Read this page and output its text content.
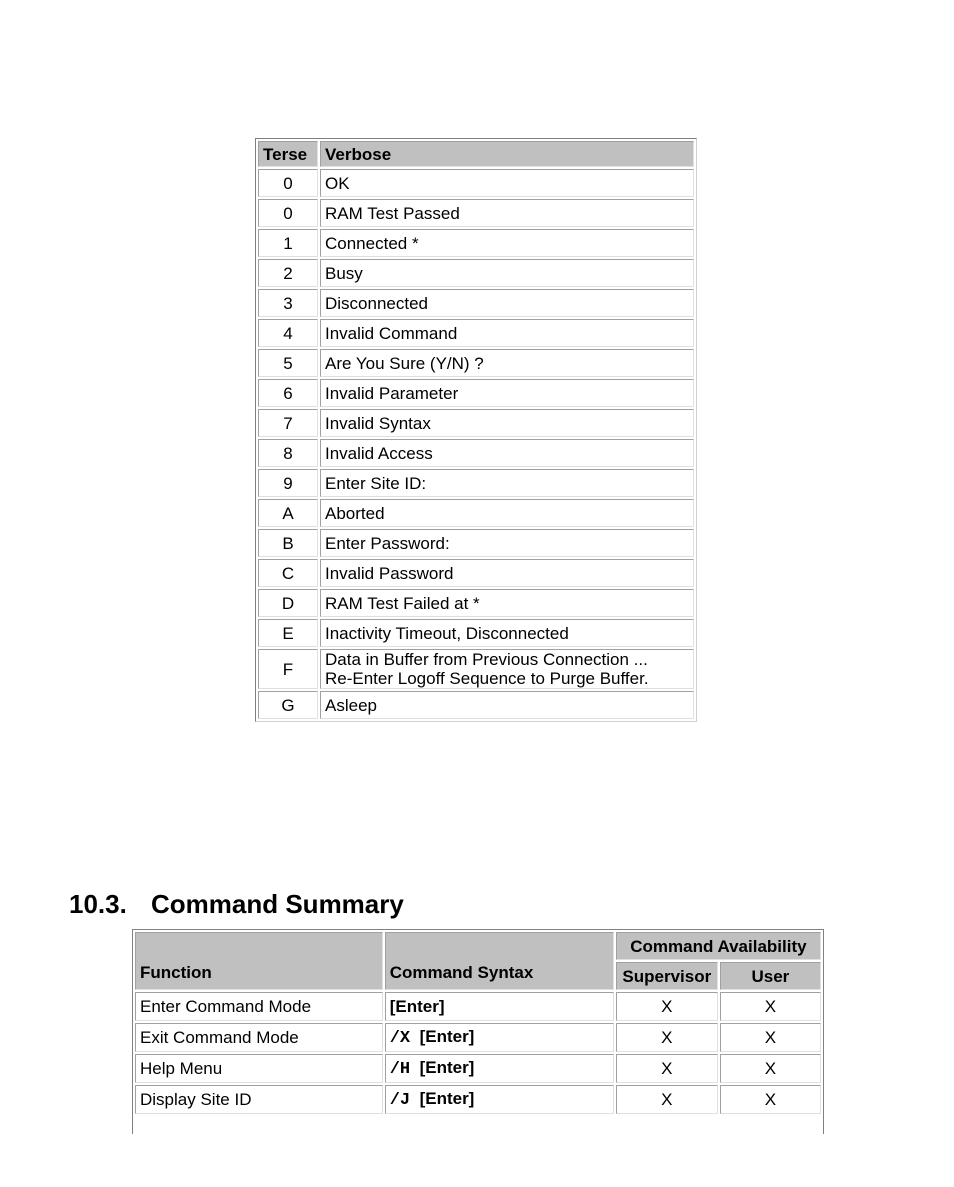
Terse	Verbose
0	OK
0	RAM Test Passed
1	Connected *
2	Busy
3	Disconnected
4	Invalid Command
5	Are You Sure (Y/N) ?
6	Invalid Parameter
7	Invalid Syntax
8	Invalid Access
9	Enter Site ID:
A	Aborted
B	Enter Password:
C	Invalid Password
D	RAM Test Failed at *
E	Inactivity Timeout, Disconnected
F	Data in Buffer from Previous Connection ...
Re-Enter Logoff Sequence to Purge Buffer.

G	Asleep
10.3. Command Summary
Function	Command Syntax	Command Availability	
		Supervisor	User
Enter Command Mode	[Enter]	X	X
Exit Command Mode	/X [Enter]	X	X
Help Menu	/H [Enter]	X	X
Display Site ID	/J [Enter]	X	X
